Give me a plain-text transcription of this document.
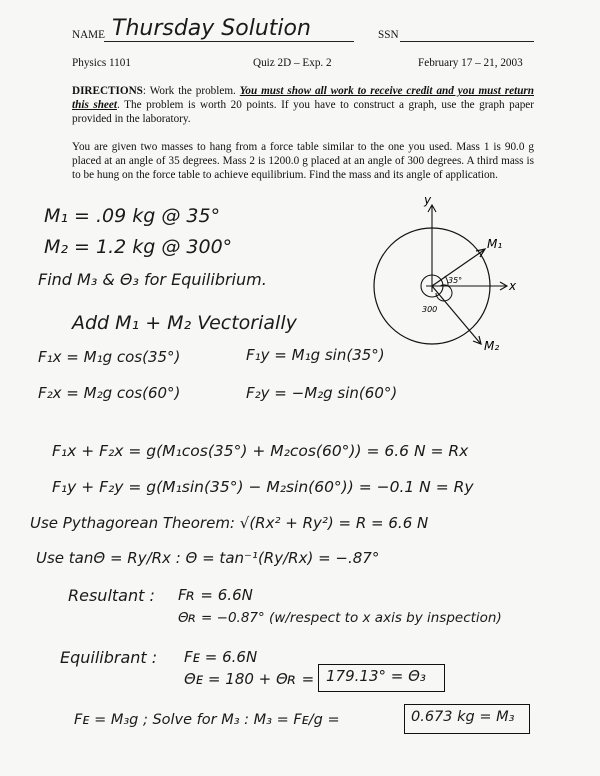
NAME Thursday Solution	SSN
Physics 1101	Quiz 2D – Exp. 2	February 17 – 21, 2003
DIRECTIONS: Work the problem. You must show all work to receive credit and you must return this sheet. The problem is worth 20 points. If you have to construct a graph, use the graph paper provided in the laboratory.
You are given two masses to hang from a force table similar to the one you used. Mass 1 is 90.0 g placed at an angle of 35 degrees. Mass 2 is 1200.0 g placed at an angle of 300 degrees. A third mass is to be hung on the force table to achieve equilibrium. Find the mass and its angle of application.
M₁ = .09 kg @ 35°
M₂ = 1.2 kg @ 300°
Find M₃ & Θ₃ for Equilibrium.
Add M₁ + M₂ Vectorially
F₁x = M₁g cos(35°)	F₁y = M₁g sin(35°)
F₂x = M₂g cos(60°)	F₂y = −M₂g sin(60°)
F₁x + F₂x = g(M₁cos(35°) + M₂cos(60°)) = 6.6 N = Rx
F₁y + F₂y = g(M₁sin(35°) − M₂sin(60°)) = −0.1 N = Ry
Use Pythagorean Theorem: √(Rx² + Ry²) = R = 6.6 N
Use tanΘ = Ry/Rx : Θ = tan⁻¹(Ry/Rx) = −.87°
Resultant : Fʀ = 6.6N
Θʀ = −0.87° (w/respect to x axis by inspection)
Equilibrant : Fᴇ = 6.6N
Θᴇ = 180 + Θʀ = 179.13° = Θ₃
Fᴇ = M₃g ; Solve for M₃ : M₃ = Fᴇ/g =	0.673 kg = M₃
y
x
M₁
M₂
35°
300
